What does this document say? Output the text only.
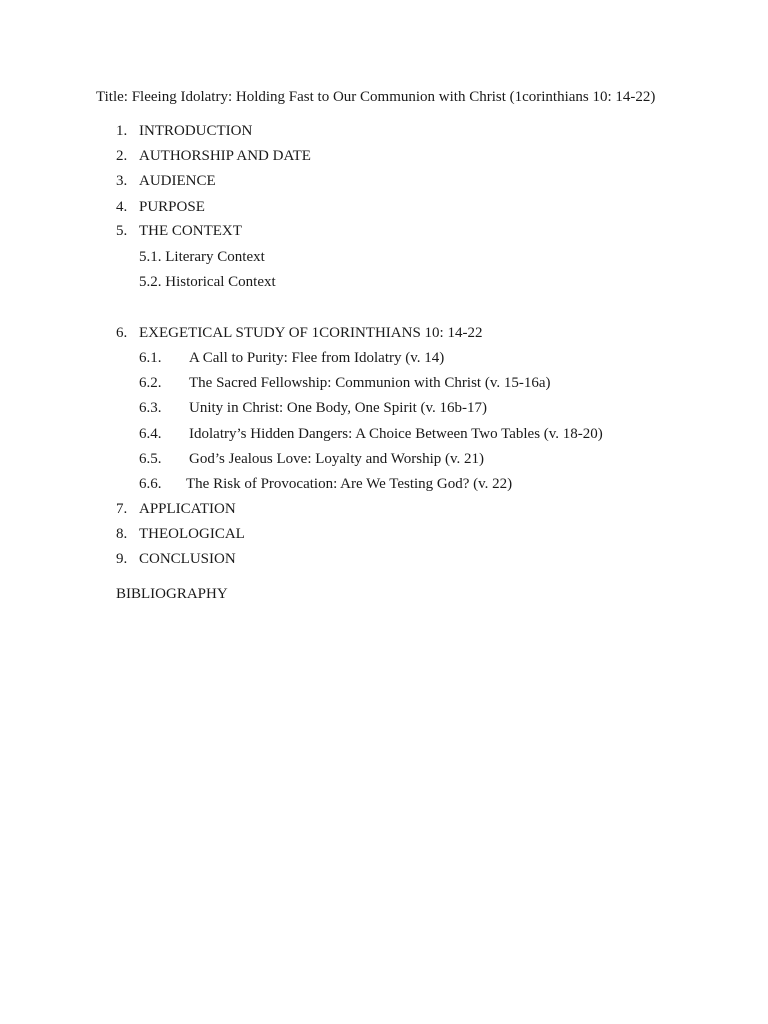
Title: Fleeing Idolatry: Holding Fast to Our Communion with Christ (1corinthians 10: 14-22)
1. INTRODUCTION
2. AUTHORSHIP AND DATE
3. AUDIENCE
4. PURPOSE
5. THE CONTEXT
5.1. Literary Context
5.2. Historical Context
6. EXEGETICAL STUDY OF 1CORINTHIANS 10: 14-22
6.1. A Call to Purity: Flee from Idolatry (v. 14)
6.2. The Sacred Fellowship: Communion with Christ (v. 15-16a)
6.3. Unity in Christ: One Body, One Spirit (v. 16b-17)
6.4. Idolatry’s Hidden Dangers: A Choice Between Two Tables (v. 18-20)
6.5. God’s Jealous Love: Loyalty and Worship (v. 21)
6.6. The Risk of Provocation: Are We Testing God? (v. 22)
7. APPLICATION
8. THEOLOGICAL
9. CONCLUSION
BIBLIOGRAPHY
